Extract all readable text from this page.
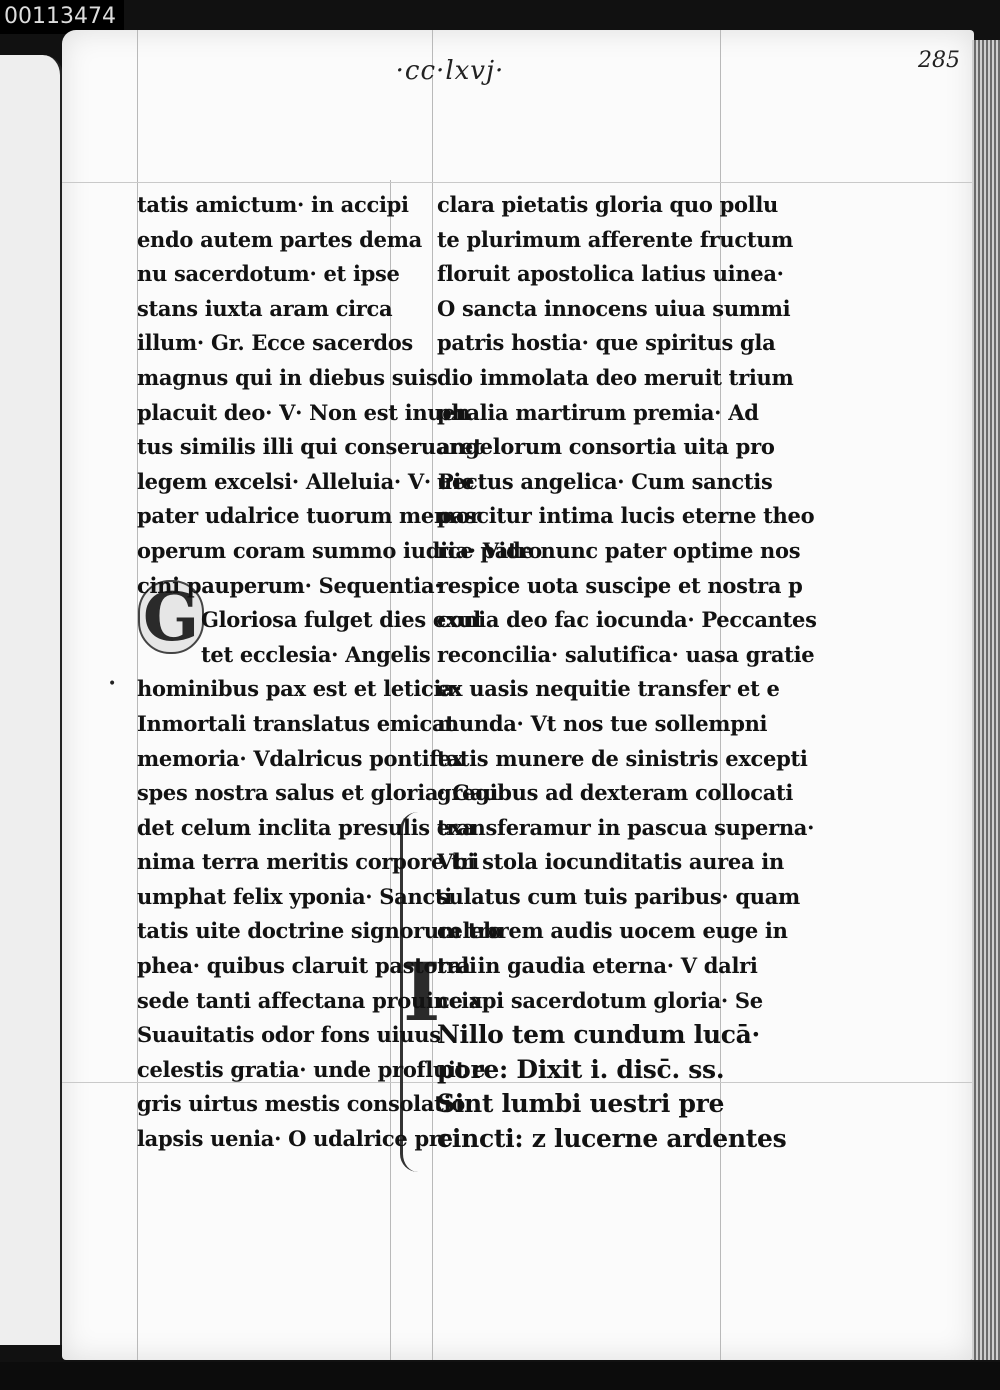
00113474
·cc·lxvj·	285
G
I
•
tatis amictum· in accipi
endo autem partes dema
nu sacerdotum· et ipse
stans iuxta aram circa
illum· Gr. Ecce sacerdos
magnus qui in diebus suis
placuit deo· V· Non est inuen
tus similis illi qui conseruaret
legem excelsi· Alleluia· V· Pie
pater udalrice tuorum memor
operum coram summo iudice patro
cini pauperum· Sequentia·
Gloriosa fulget dies exul
tet ecclesia· Angelis
hominibus pax est et leticia·
Inmortali translatus emicat
memoria· Vdalricus pontifex
spes nostra salus et gloria· Gau
det celum inclita presulis exa
nima terra meritis corpore tri
umphat felix yponia· Sancti
tatis uite doctrine signorum tro
phea· quibus claruit pastorali
sede tanti affectana prouincia·
Suauitatis odor fons uiuus
celestis gratia· unde profluit e
gris uirtus mestis consolatio
lapsis uenia· O udalrice pre
clara pietatis gloria quo pollu
te plurimum afferente fructum
floruit apostolica latius uinea·
O sancta innocens uiua summi
patris hostia· que spiritus gla
dio immolata deo meruit trium
phalia martirum premia· Ad
angelorum consortia uita pro
uectus angelica· Cum sanctis
pascitur intima lucis eterne theo
ria· Vide nunc pater optime nos
respice uota suscipe et nostra p
conia deo fac iocunda· Peccantes
reconcilia· salutifica· uasa gratie
ex uasis nequitie transfer et e
munda· Vt nos tue sollempni
tatis munere de sinistris excepti
gregibus ad dexteram collocati
transferamur in pascua superna·
Vbi stola iocunditatis aurea in
sulatus cum tuis paribus· quam
celebrem audis uocem euge in
tra in gaudia eterna· V dalri
ce xpi sacerdotum gloria· Se
Nillo tem cundum lucā·
pore: Dixit i. disc̄. ss.
Sint lumbi uestri pre
cincti: z lucerne ardentes
